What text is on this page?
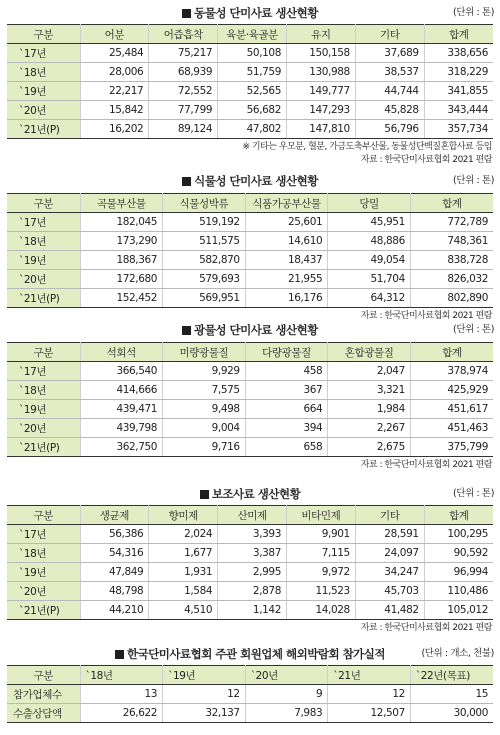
동물성 단미사료 생산현황	(단위 : 톤)
구분	어분	어즙흡착	육분·육골분	유지	기타	합계
`17년	25,484	75,217	50,108	150,158	37,689	338,656
`18년	28,006	68,939	51,759	130,988	38,537	318,229
`19년	22,217	72,552	52,565	149,777	44,744	341,855
`20년	15,842	77,799	56,682	147,293	45,828	343,444
`21년(P)	16,202	89,124	47,802	147,810	56,796	357,734
※ 기타는 우모분, 혈분, 가금도축부산물, 동물성단백질혼합사료 등임
자료 : 한국단미사료협회 2021 편람
식물성 단미사료 생산현황	(단위 : 톤)
구분	곡물부산물	식물성박류	식품가공부산물	당밀	합계
`17년	182,045	519,192	25,601	45,951	772,789
`18년	173,290	511,575	14,610	48,886	748,361
`19년	188,367	582,870	18,437	49,054	838,728
`20년	172,680	579,693	21,955	51,704	826,032
`21년(P)	152,452	569,951	16,176	64,312	802,890
자료 : 한국단미사료협회 2021 편람
광물성 단미사료 생산현황	(단위 : 톤)
구분	석회석	미량광물질	다량광물질	혼합광물질	합계
`17년	366,540	9,929	458	2,047	378,974
`18년	414,666	7,575	367	3,321	425,929
`19년	439,471	9,498	664	1,984	451,617
`20년	439,798	9,004	394	2,267	451,463
`21년(P)	362,750	9,716	658	2,675	375,799
자료 : 한국단미사료협회 2021 편람
보조사료 생산현황	(단위 : 톤)
구분	생균제	향미제	산미제	비타민제	기타	합계
`17년	56,386	2,024	3,393	9,901	28,591	100,295
`18년	54,316	1,677	3,387	7,115	24,097	90,592
`19년	47,849	1,931	2,995	9,972	34,247	96,994
`20년	48,798	1,584	2,878	11,523	45,703	110,486
`21년(P)	44,210	4,510	1,142	14,028	41,482	105,012
자료 : 한국단미사료협회 2021 편람
한국단미사료협회 주관 회원업체 해외박람회 참가실적	(단위 : 개소, 천불)
구분	`18년	`19년	`20년	`21년	`22년(목표)
참가업체수	13	12	9	12	15
수출상담액	26,622	32,137	7,983	12,507	30,000
